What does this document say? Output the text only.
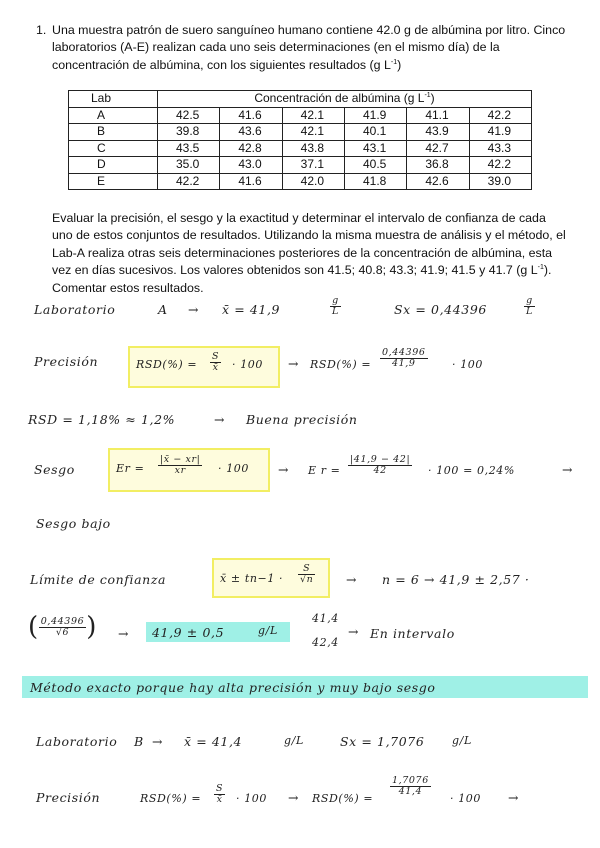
1. Una muestra patrón de suero sanguíneo humano contiene 42.0 g de albúmina por litro. Cinco laboratorios (A-E) realizan cada uno seis determinaciones (en el mismo día) de la concentración de albúmina, con los siguientes resultados (g $L^{-1}$)
Lab	Concentración de albúmina (g $L^{-1}$)					
A	42.5	41.6	42.1	41.9	41.1	42.2
B	39.8	43.6	42.1	40.1	43.9	41.9
C	43.5	42.8	43.8	43.1	42.7	43.3
D	35.0	43.0	37.1	40.5	36.8	42.2
E	42.2	41.6	42.0	41.8	42.6	39.0
Evaluar la precisión, el sesgo y la exactitud y determinar el intervalo de confianza de cada uno de estos conjuntos de resultados. Utilizando la misma muestra de análisis y el método, el Lab-A realiza otras seis determinaciones posteriores de la concentración de albúmina, esta vez en días sucesivos. Los valores obtenidos son 41.5; 40.8; 43.3; 41.9; 41.5 y 41.7 (g $L^{-1}$). Comentar estos resultados.
Laboratorio	A → x̄ = 41,9	$\frac{g}{L}$	Sx = 0,44396	$\frac{g}{L}$
Precisión	$RSD(\%) = \frac{S}{x̄} \cdot 100 \to RSD(\%) = \frac{0,44396}{41,9} \cdot 100$
RSD = 1,18% ≈ 1,2%	→ Buena precisión
Sesgo	$Er = \frac{|x̄ - xr|}{xr} \cdot 100 \to E$ $r = \frac{|41,9 - 42|}{42} \cdot 100 = 0,24\%$	→
Sesgo bajo
Límite de confianza	x̄ ± $tn-1 \cdot \frac{S}{√n} \to n = 6 \to 41,9 \pm 2,57$ ·
( $\frac{0,44396}{√6}$ ) → 41,9 ± 0,5	g/L
41,4
42,4
→ En intervalo
Método exacto porque hay alta precisión y muy bajo sesgo
Laboratorio B → x̄ = 41,4	g/L	Sx = 1,7076	g/L
Precisión	$RSD(\%) = \frac{S}{x̄} \cdot 100 \to RSD(\%)$ =
$\frac{1,7076}{41,4}$
· 100 →
